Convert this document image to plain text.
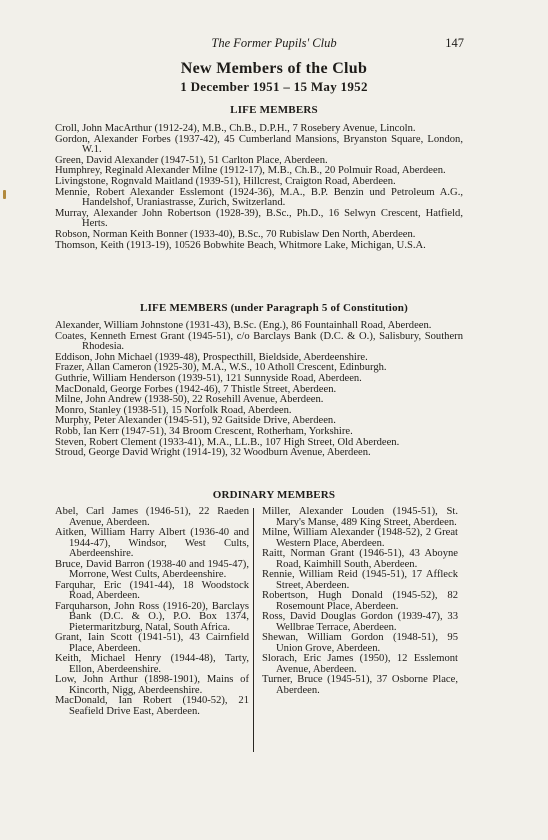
The Former Pupils' Club	147
New Members of the Club
1 December 1951 – 15 May 1952
LIFE MEMBERS
Croll, John MacArthur (1912-24), M.B., Ch.B., D.P.H., 7 Rosebery Avenue, Lincoln.
Gordon, Alexander Forbes (1937-42), 45 Cumberland Mansions, Bryanston Square, London, W.1.
Green, David Alexander (1947-51), 51 Carlton Place, Aberdeen.
Humphrey, Reginald Alexander Milne (1912-17), M.B., Ch.B., 20 Polmuir Road, Aberdeen.
Livingstone, Rognvald Maitland (1939-51), Hillcrest, Craigton Road, Aberdeen.
Mennie, Robert Alexander Esslemont (1924-36), M.A., B.P. Benzin und Petroleum A.G., Handelshof, Uraniastrasse, Zurich, Switzerland.
Murray, Alexander John Robertson (1928-39), B.Sc., Ph.D., 16 Selwyn Crescent, Hatfield, Herts.
Robson, Norman Keith Bonner (1933-40), B.Sc., 70 Rubislaw Den North, Aberdeen.
Thomson, Keith (1913-19), 10526 Bobwhite Beach, Whitmore Lake, Michigan, U.S.A.
LIFE MEMBERS (under Paragraph 5 of Constitution)
Alexander, William Johnstone (1931-43), B.Sc. (Eng.), 86 Fountainhall Road, Aberdeen.
Coates, Kenneth Ernest Grant (1945-51), c/o Barclays Bank (D.C. & O.), Salisbury, Southern Rhodesia.
Eddison, John Michael (1939-48), Prospecthill, Bieldside, Aberdeenshire.
Frazer, Allan Cameron (1925-30), M.A., W.S., 10 Atholl Crescent, Edinburgh.
Guthrie, William Henderson (1939-51), 121 Sunnyside Road, Aberdeen.
MacDonald, George Forbes (1942-46), 7 Thistle Street, Aberdeen.
Milne, John Andrew (1938-50), 22 Rosehill Avenue, Aberdeen.
Monro, Stanley (1938-51), 15 Norfolk Road, Aberdeen.
Murphy, Peter Alexander (1945-51), 92 Gaitside Drive, Aberdeen.
Robb, Ian Kerr (1947-51), 34 Broom Crescent, Rotherham, Yorkshire.
Steven, Robert Clement (1933-41), M.A., LL.B., 107 High Street, Old Aberdeen.
Stroud, George David Wright (1914-19), 32 Woodburn Avenue, Aberdeen.
ORDINARY MEMBERS
Abel, Carl James (1946-51), 22 Raeden Avenue, Aberdeen.
Aitken, William Harry Albert (1936-40 and 1944-47), Windsor, West Cults, Aberdeenshire.
Bruce, David Barron (1938-40 and 1945-47), Morrone, West Cults, Aberdeenshire.
Farquhar, Eric (1941-44), 18 Woodstock Road, Aberdeen.
Farquharson, John Ross (1916-20), Barclays Bank (D.C. & O.), P.O. Box 1374, Pietermaritzburg, Natal, South Africa.
Grant, Iain Scott (1941-51), 43 Cairnfield Place, Aberdeen.
Keith, Michael Henry (1944-48), Tarty, Ellon, Aberdeenshire.
Low, John Arthur (1898-1901), Mains of Kincorth, Nigg, Aberdeenshire.
MacDonald, Ian Robert (1940-52), 21 Seafield Drive East, Aberdeen.
Miller, Alexander Louden (1945-51), St. Mary's Manse, 489 King Street, Aberdeen.
Milne, William Alexander (1948-52), 2 Great Western Place, Aberdeen.
Raitt, Norman Grant (1946-51), 43 Aboyne Road, Kaimhill South, Aberdeen.
Rennie, William Reid (1945-51), 17 Affleck Street, Aberdeen.
Robertson, Hugh Donald (1945-52), 82 Rosemount Place, Aberdeen.
Ross, David Douglas Gordon (1939-47), 33 Wellbrae Terrace, Aberdeen.
Shewan, William Gordon (1948-51), 95 Union Grove, Aberdeen.
Slorach, Eric James (1950), 12 Esslemont Avenue, Aberdeen.
Turner, Bruce (1945-51), 37 Osborne Place, Aberdeen.
